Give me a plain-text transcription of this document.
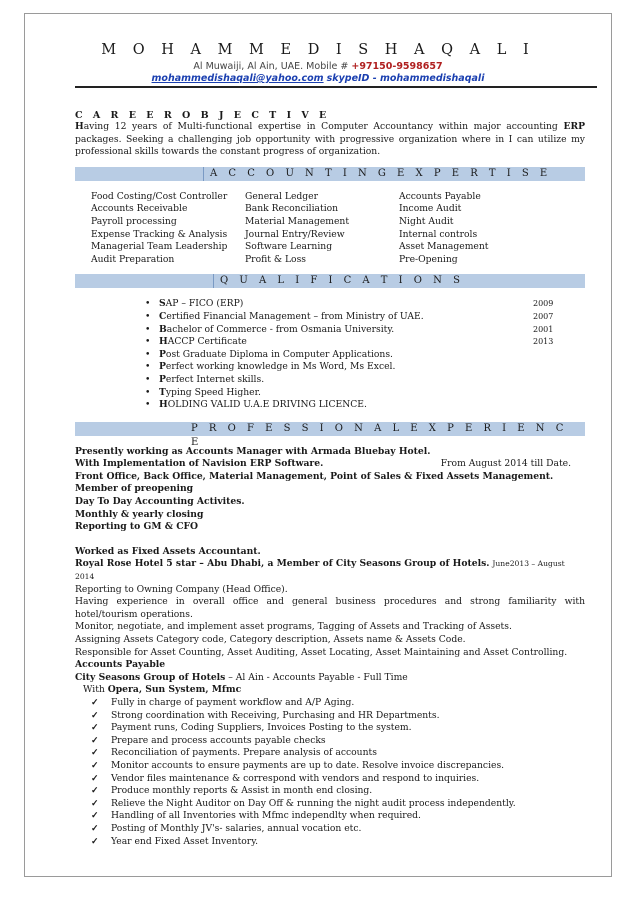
M O H A M M E D I S H A Q A L I
Al Muwaiji, Al Ain, UAE. Mobile # +97150-9598657
mohammedishaqali@yahoo.com skypeID - mohammedishaqali
C A R E E R O B J E C T I V E

Having 12 years of Multi-functional expertise in Computer Accountancy within major accounting ERP packages. Seeking a challenging job opportunity with progressive organization where in I can utilize my professional skills towards the constant progress of organization.

A C C O U N T I N G E X P E R T I S E
Food Costing/Cost Controller	General Ledger	Accounts Payable
Accounts Receivable	Bank Reconciliation	Income Audit
Payroll processing	Material Management	Night Audit
Expense Tracking & Analysis	Journal Entry/Review	Internal controls
Managerial Team Leadership	Software Learning	Asset Management
Audit Preparation	Profit & Loss	Pre-Opening
Q U A L I F I C A T I O N S
• SAP – FICO (ERP)	2009
• Certified Financial Management – from Ministry of UAE.	2007
• Bachelor of Commerce - from Osmania University.	2001
• HACCP Certificate	2013
• Post Graduate Diploma in Computer Applications.
• Perfect working knowledge in Ms Word, Ms Excel.
• Perfect Internet skills.
• Typing Speed Higher.
• HOLDING VALID U.A.E DRIVING LICENCE.
P R O F E S S I O N A L E X P E R I E N C E
Presently working as Accounts Manager with Armada Bluebay Hotel.
With Implementation of Navision ERP Software.	From August 2014 till Date.
Front Office, Back Office, Material Management, Point of Sales & Fixed Assets Management.
Member of preopening
Day To Day Accounting Activites.
Monthly & yearly closing
Reporting to GM & CFO
Worked as Fixed Assets Accountant.
Royal Rose Hotel 5 star – Abu Dhabi, a Member of City Seasons Group of Hotels. June2013 – August 2014
Reporting to Owning Company (Head Office).

Having experience in overall office and general business procedures and strong familiarity with hotel/tourism operations.

Monitor, negotiate, and implement asset programs, Tagging of Assets and Tracking of Assets.
Assigning Assets Category code, Category description, Assets name & Assets Code.
Responsible for Asset Counting, Asset Auditing, Asset Locating, Asset Maintaining and Asset Controlling.
Accounts Payable
City Seasons Group of Hotels – Al Ain - Accounts Payable - Full Time
With Opera, Sun System, Mfmc
✓ Fully in charge of payment workflow and A/P Aging.
✓ Strong coordination with Receiving, Purchasing and HR Departments.
✓ Payment runs, Coding Suppliers, Invoices Posting to the system.
✓ Prepare and process accounts payable checks
✓ Reconciliation of payments. Prepare analysis of accounts
✓ Monitor accounts to ensure payments are up to date. Resolve invoice discrepancies.
✓ Vendor files maintenance & correspond with vendors and respond to inquiries.
✓ Produce monthly reports & Assist in month end closing.
✓ Relieve the Night Auditor on Day Off & running the night audit process independently.
✓ Handling of all Inventories with Mfmc independlty when required.
✓ Posting of Monthly JV's- salaries, annual vocation etc.
✓ Year end Fixed Asset Inventory.
